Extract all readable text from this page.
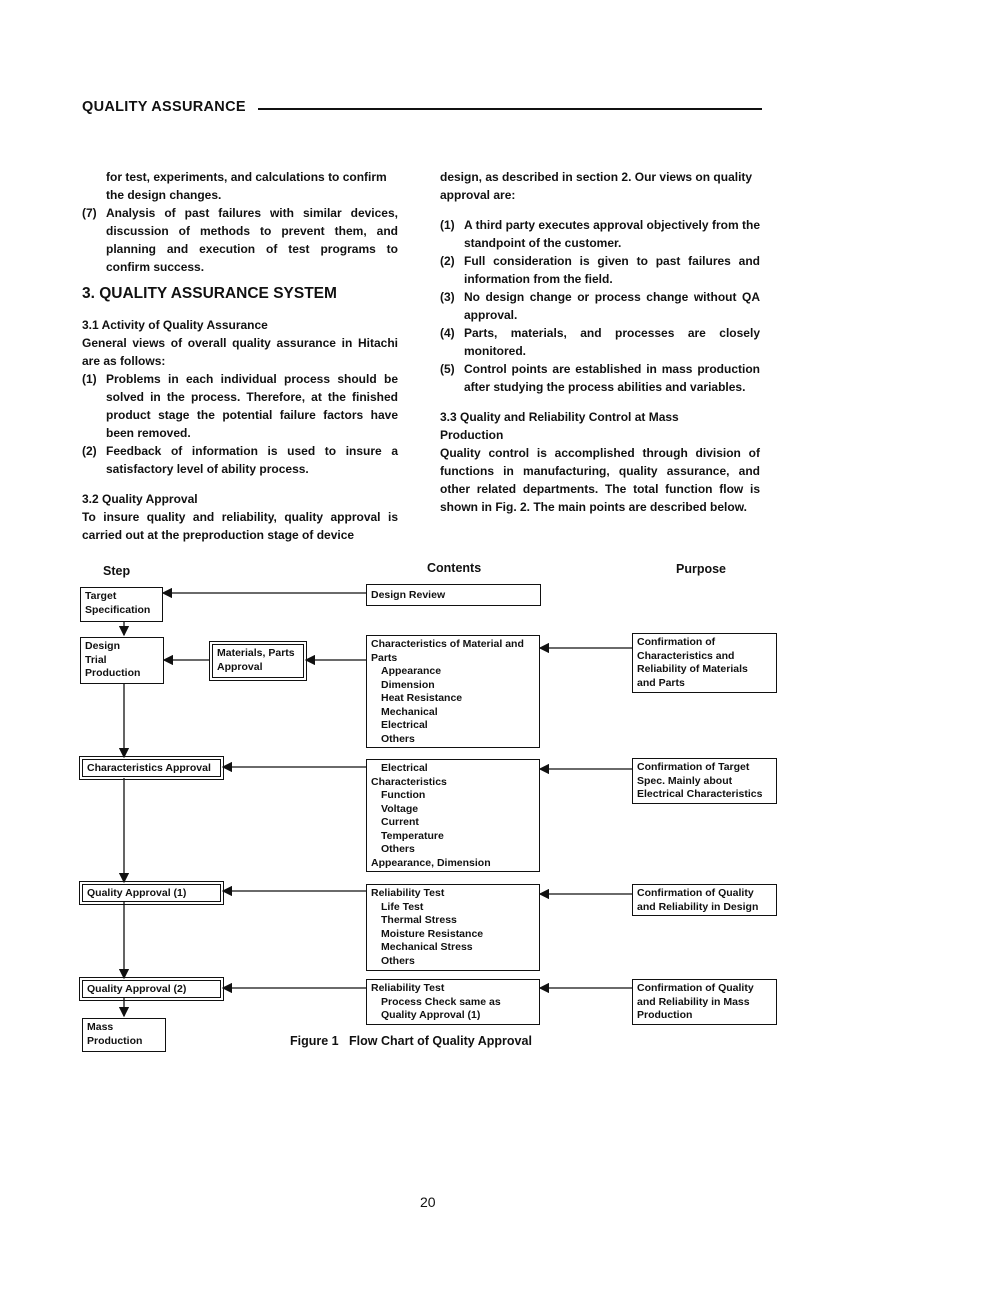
QUALITY ASSURANCE

for test, experiments, and calculations to confirm

the design changes.

(7) Analysis of past failures with similar devices, discussion of methods to prevent them, and planning and execution of test programs to confirm success.
3. QUALITY ASSURANCE SYSTEM
3.1 Activity of Quality Assurance

General views of overall quality assurance in Hitachi are as follows:

(1) Problems in each individual process should be solved in the process. Therefore, at the finished product stage the potential failure factors have been removed.
(2) Feedback of information is used to insure a satisfactory level of ability process.
3.2 Quality Approval

To insure quality and reliability, quality approval is carried out at the preproduction stage of device

design, as described in section 2. Our views on quality approval are:

(1) A third party executes approval objectively from the standpoint of the customer.
(2) Full consideration is given to past failures and information from the field.
(3) No design change or process change without QA approval.
(4) Parts, materials, and processes are closely monitored.
(5) Control points are established in mass production after studying the process abilities and variables.
3.3 Quality and Reliability Control at Mass
Production

Quality control is accomplished through division of functions in manufacturing, quality assurance, and other related departments. The total function flow is shown in Fig. 2. The main points are described below.

Step	Contents	Purpose
Target
Specification
Design
Trial
Production
Materials, Parts
Approval
Characteristics Approval
Quality Approval (1)
Quality Approval (2)
Mass
Production
Design Review
Characteristics of Material and
Parts
Appearance
Dimension
Heat Resistance
Mechanical
Electrical
Others
Electrical
Characteristics
Function
Voltage
Current
Temperature
Others
Appearance, Dimension
Reliability Test
Life Test
Thermal Stress
Moisture Resistance
Mechanical Stress
Others
Reliability Test
Process Check same as
Quality Approval (1)
Confirmation of
Characteristics and
Reliability of Materials
and Parts
Confirmation of Target
Spec. Mainly about
Electrical Characteristics
Confirmation of Quality
and Reliability in Design
Confirmation of Quality
and Reliability in Mass
Production
Figure 1   Flow Chart of Quality Approval
20
